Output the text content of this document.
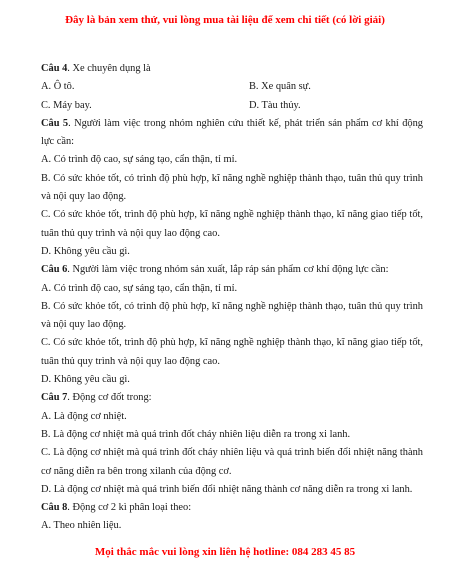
Đây là bản xem thử, vui lòng mua tài liệu để xem chi tiết (có lời giải)
Câu 4. Xe chuyên dụng là
A. Ô tô.	B. Xe quân sự.
C. Máy bay.	D. Tàu thủy.
Câu 5. Người làm việc trong nhóm nghiên cứu thiết kế, phát triển sản phẩm cơ khí động lực cần:
A. Có trình độ cao, sự sáng tạo, cẩn thận, tỉ mỉ.
B. Có sức khỏe tốt, có trình độ phù hợp, kĩ năng nghề nghiệp thành thạo, tuân thủ quy trình và nội quy lao động.
C. Có sức khỏe tốt, trình độ phù hợp, kĩ năng nghề nghiệp thành thạo, kĩ năng giao tiếp tốt, tuân thủ quy trình và nội quy lao động cao.
D. Không yêu cầu gì.
Câu 6. Người làm việc trong nhóm sản xuất, lắp ráp sản phẩm cơ khí động lực cần:
A. Có trình độ cao, sự sáng tạo, cẩn thận, tỉ mỉ.
B. Có sức khỏe tốt, có trình độ phù hợp, kĩ năng nghề nghiệp thành thạo, tuân thủ quy trình và nội quy lao động.
C. Có sức khỏe tốt, trình độ phù hợp, kĩ năng nghề nghiệp thành thạo, kĩ năng giao tiếp tốt, tuân thủ quy trình và nội quy lao động cao.
D. Không yêu cầu gì.
Câu 7. Động cơ đốt trong:
A. Là động cơ nhiệt.
B. Là động cơ nhiệt mà quá trình đốt cháy nhiên liệu diễn ra trong xi lanh.
C. Là động cơ nhiệt mà quá trình đốt cháy nhiên liệu và quá trình biến đổi nhiệt năng thành cơ năng diễn ra bên trong xilanh của động cơ.
D. Là động cơ nhiệt mà quá trình biến đổi nhiệt năng thành cơ năng diễn ra trong xi lanh.
Câu 8. Động cơ 2 kì phân loại theo:
A. Theo nhiên liệu.
Mọi thắc mắc vui lòng xin liên hệ hotline: 084 283 45 85
